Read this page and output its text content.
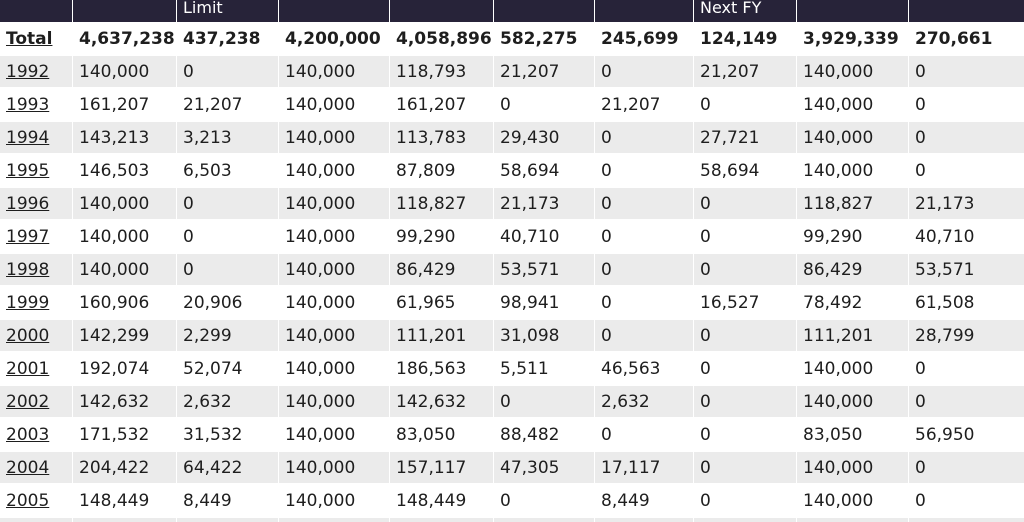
		Limit					Next FY		

Total	4,637,238	437,238	4,200,000	4,058,896	582,275	245,699	124,149	3,929,339	270,661
1992	140,000	0	140,000	118,793	21,207	0	21,207	140,000	0
1993	161,207	21,207	140,000	161,207	0	21,207	0	140,000	0
1994	143,213	3,213	140,000	113,783	29,430	0	27,721	140,000	0
1995	146,503	6,503	140,000	87,809	58,694	0	58,694	140,000	0
1996	140,000	0	140,000	118,827	21,173	0	0	118,827	21,173
1997	140,000	0	140,000	99,290	40,710	0	0	99,290	40,710
1998	140,000	0	140,000	86,429	53,571	0	0	86,429	53,571
1999	160,906	20,906	140,000	61,965	98,941	0	16,527	78,492	61,508
2000	142,299	2,299	140,000	111,201	31,098	0	0	111,201	28,799
2001	192,074	52,074	140,000	186,563	5,511	46,563	0	140,000	0
2002	142,632	2,632	140,000	142,632	0	2,632	0	140,000	0
2003	171,532	31,532	140,000	83,050	88,482	0	0	83,050	56,950
2004	204,422	64,422	140,000	157,117	47,305	17,117	0	140,000	0
2005	148,449	8,449	140,000	148,449	0	8,449	0	140,000	0
